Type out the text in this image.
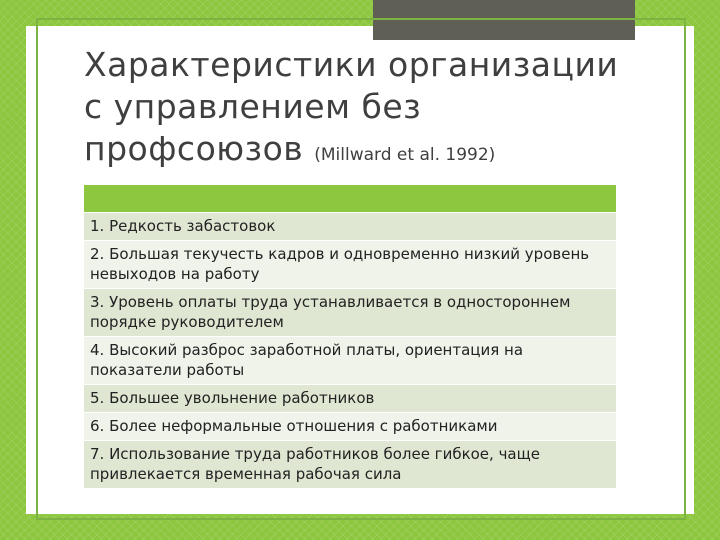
Характеристики организации с управлением без профсоюзов (Millward et al. 1992)
1. Редкость забастовок
2. Большая текучесть кадров и одновременно низкий уровень невыходов на работу
3. Уровень оплаты труда устанавливается в одностороннем порядке руководителем
4. Высокий разброс заработной платы, ориентация на показатели работы
5. Большее увольнение работников
6. Более неформальные отношения с работниками
7. Использование труда работников более гибкое, чаще привлекается временная рабочая сила
